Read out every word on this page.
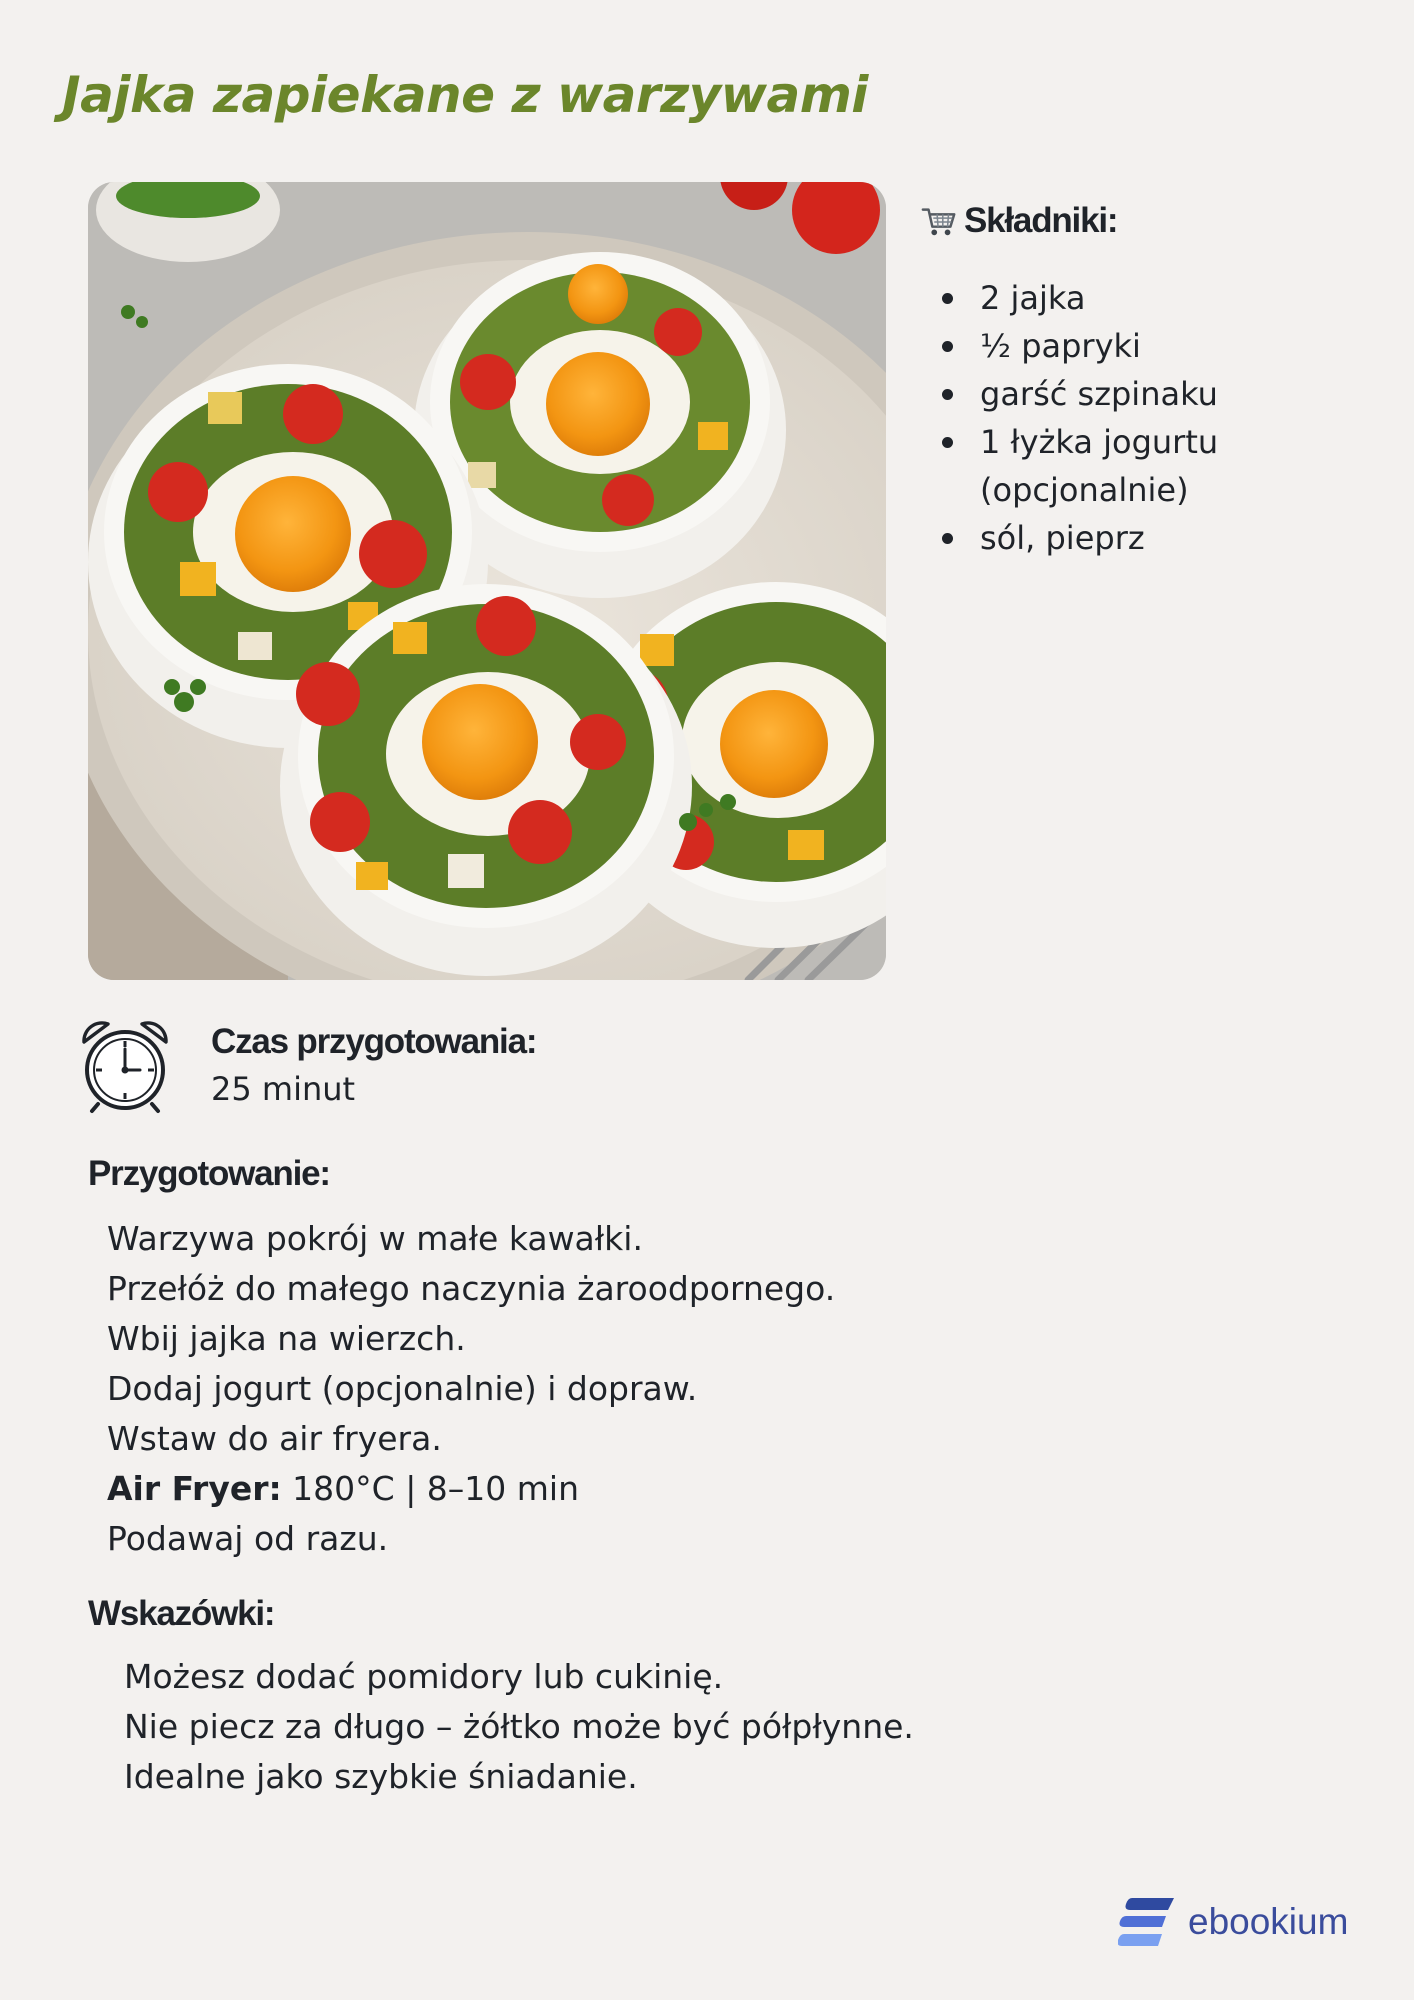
Jajka zapiekane z warzywami
Składniki:
2 jajka
½ papryki
garść szpinaku
1 łyżka jogurtu (opcjonalnie)
sól, pieprz
Czas przygotowania:
25 minut
Przygotowanie:
Warzywa pokrój w małe kawałki.
Przełóż do małego naczynia żaroodpornego.
Wbij jajka na wierzch.
Dodaj jogurt (opcjonalnie) i dopraw.
Wstaw do air fryera.
Air Fryer: 180°C | 8–10 min
Podawaj od razu.
Wskazówki:
Możesz dodać pomidory lub cukinię.
Nie piecz za długo – żółtko może być półpłynne.
Idealne jako szybkie śniadanie.
ebookium
